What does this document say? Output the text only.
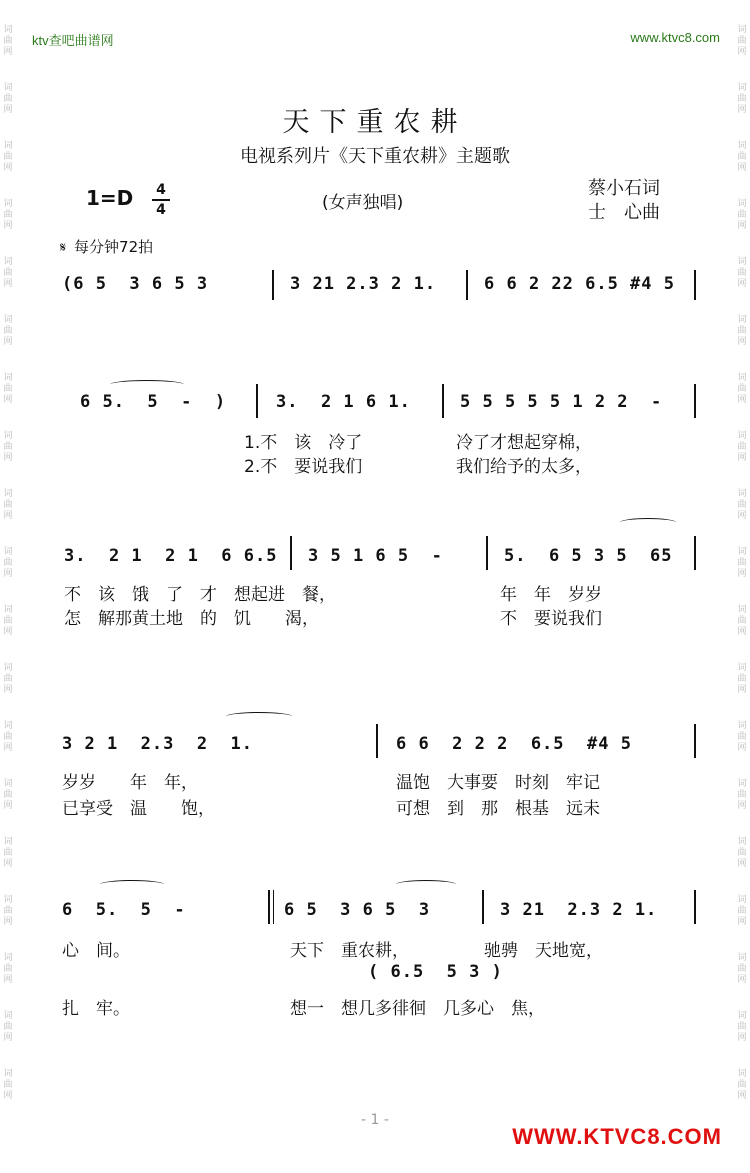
词
曲
网
词
曲
网
词
曲
网
词
曲
网
词
曲
网
词
曲
网
词
曲
网
词
曲
网
词
曲
网
词
曲
网
词
曲
网
词
曲
网
词
曲
网
词
曲
网
词
曲
网
词
曲
网
词
曲
网
词
曲
网
词
曲
网
词
曲
网
词
曲
网
词
曲
网
词
曲
网
词
曲
网
词
曲
网
词
曲
网
词
曲
网
词
曲
网
词
曲
网
词
曲
网
词
曲
网
词
曲
网
词
曲
网
词
曲
网
词
曲
网
词
曲
网
词
曲
网
词
曲
网
ktv查吧曲谱网	www.ktvc8.com
天下重农耕
电视系列片《天下重农耕》主题歌
1=D 4
4	(女声独唱)
蔡小石词
士　心曲
𝄋 每分钟72拍
(6 5  3 6 5 3	3 21 2.3 2 1.	6 6 2 22 6.5 #4 5
6 5.  5  -  )	3.  2 1 6 1.	5 5 5 5 5 1 2 2  -
1.不　该　冷了	冷了才想起穿棉，
2.不　要说我们	我们给予的太多，
3.  2 1  2 1  6 6.5 3 5 1 6 5  -	5.  6 5 3 5  65
不　该　饿　了　才　想起进　餐，	年　年　岁岁
怎　解那黄土地　的　饥　　渴，	不　要说我们
3 2 1  2.3  2  1.	6 6  2 2 2  6.5  #4 5
岁岁　　年　年，	温饱　大事要　时刻　牢记
已享受　温　　饱，	可想　到　那　根基　远未
6  5.  5  -	6 5  3 6 5  3	3 21  2.3 2 1.
心　间。	天下　重农耕，	驰骋　天地宽，
( 6.5  5 3 )
扎　牢。	想一　想几多徘徊　几多心　焦，
- 1 -
WWW.KTVC8.COM
